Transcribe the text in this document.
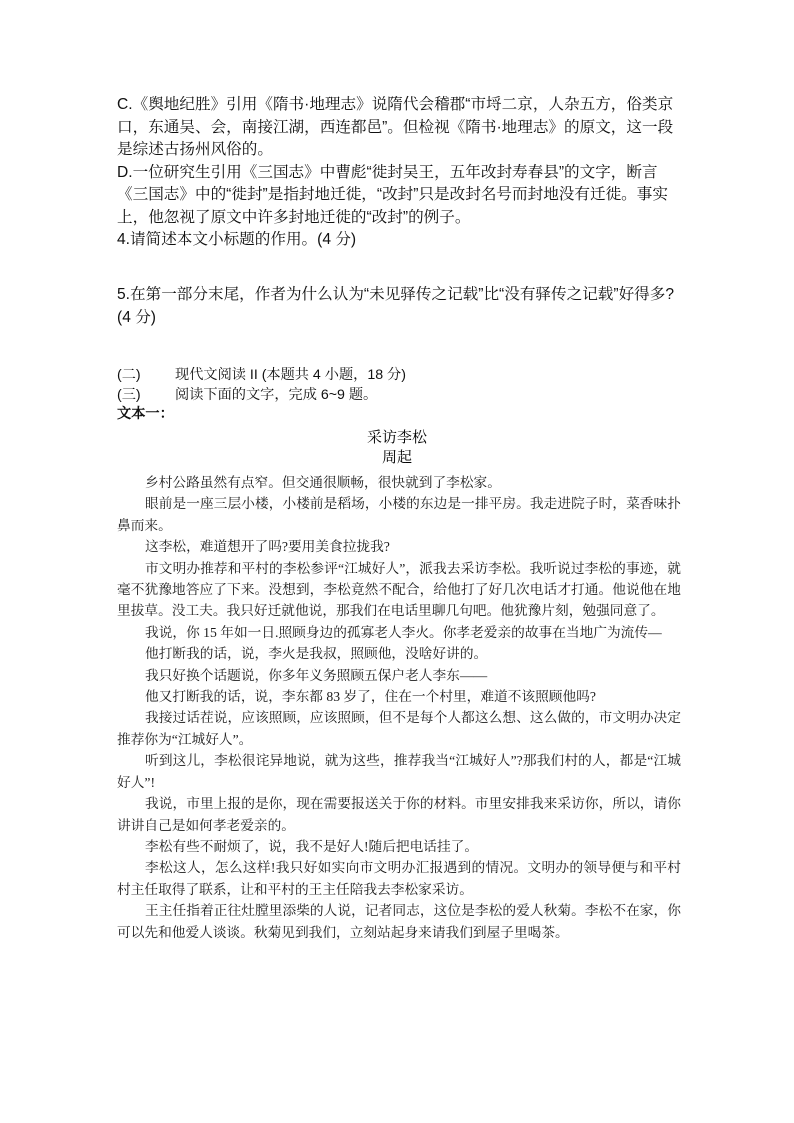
C.《舆地纪胜》引用《隋书·地理志》说隋代会稽郡“市埒二京，人杂五方，俗类京口，东通吴、会，南接江湖，西连都邑”。但检视《隋书·地理志》的原文，这一段是综述古扬州风俗的。

D.一位研究生引用《三国志》中曹彪“徙封吴王，五年改封寿春县”的文字，断言《三国志》中的“徙封”是指封地迁徙，“改封”只是改封名号而封地没有迁徙。事实上，他忽视了原文中许多封地迁徙的“改封”的例子。

4.请简述本文小标题的作用。(4 分)

5.在第一部分末尾，作者为什么认为“未见驿传之记载”比“没有驿传之记载”好得多?(4 分)

(二)	现代文阅读 II (本题共 4 小题，18 分)
(三)	阅读下面的文字，完成 6~9 题。
文本一：
采访李松
周起

乡村公路虽然有点窄。但交通很顺畅，很快就到了李松家。

眼前是一座三层小楼，小楼前是稻场，小楼的东边是一排平房。我走进院子时，菜香味扑鼻而来。

这李松，难道想开了吗?要用美食拉拢我?

市文明办推荐和平村的李松参评“江城好人”，派我去采访李松。我听说过李松的事迹，就毫不犹豫地答应了下来。没想到，李松竟然不配合，给他打了好几次电话才打通。他说他在地里拔草。没工夫。我只好迁就他说，那我们在电话里聊几句吧。他犹豫片刻，勉强同意了。

我说，你 15 年如一日.照顾身边的孤寡老人李火。你孝老爱亲的故事在当地广为流传—

他打断我的话，说，李火是我叔，照顾他，没啥好讲的。

我只好换个话题说，你多年义务照顾五保户老人李东——

他又打断我的话，说，李东都 83 岁了，住在一个村里，难道不该照顾他吗?

我接过话茬说，应该照顾，应该照顾，但不是每个人都这么想、这么做的，市文明办决定推荐你为“江城好人”。

听到这儿，李松很诧异地说，就为这些，推荐我当“江城好人”?那我们村的人，都是“江城好人”!

我说，市里上报的是你，现在需要报送关于你的材料。市里安排我来采访你，所以，请你讲讲自己是如何孝老爱亲的。

李松有些不耐烦了，说，我不是好人!随后把电话挂了。

李松这人，怎么这样!我只好如实向市文明办汇报遇到的情况。文明办的领导便与和平村村主任取得了联系，让和平村的王主任陪我去李松家采访。

王主任指着正往灶膛里添柴的人说，记者同志，这位是李松的爱人秋菊。李松不在家，你可以先和他爱人谈谈。秋菊见到我们，立刻站起身来请我们到屋子里喝茶。
